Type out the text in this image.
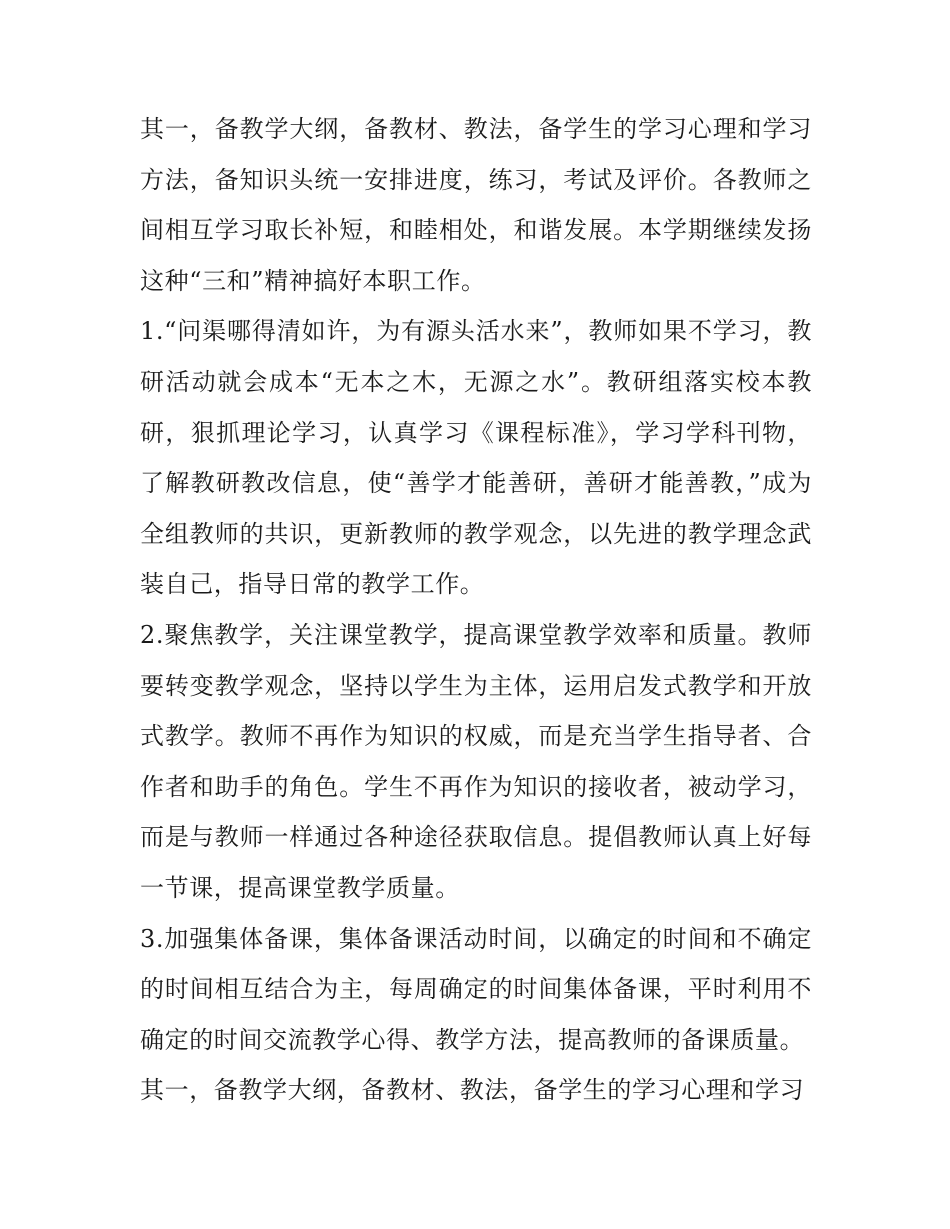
其一，备教学大纲，备教材、教法，备学生的学习心理和学习方法，备知识头统一安排进度，练习，考试及评价。各教师之间相互学习取长补短，和睦相处，和谐发展。本学期继续发扬这种“三和”精神搞好本职工作。

1.“问渠哪得清如许，为有源头活水来”，教师如果不学习，教研活动就会成本“无本之木，无源之水”。教研组落实校本教研，狠抓理论学习，认真学习《课程标准》，学习学科刊物，了解教研教改信息，使“善学才能善研，善研才能善教，”成为全组教师的共识，更新教师的教学观念，以先进的教学理念武装自己，指导日常的教学工作。

2.聚焦教学，关注课堂教学，提高课堂教学效率和质量。教师要转变教学观念，坚持以学生为主体，运用启发式教学和开放式教学。教师不再作为知识的权威，而是充当学生指导者、合作者和助手的角色。学生不再作为知识的接收者，被动学习，而是与教师一样通过各种途径获取信息。提倡教师认真上好每一节课，提高课堂教学质量。

3.加强集体备课，集体备课活动时间，以确定的时间和不确定的时间相互结合为主，每周确定的时间集体备课，平时利用不确定的时间交流教学心得、教学方法，提高教师的备课质量。

其一，备教学大纲，备教材、教法，备学生的学习心理和学习
